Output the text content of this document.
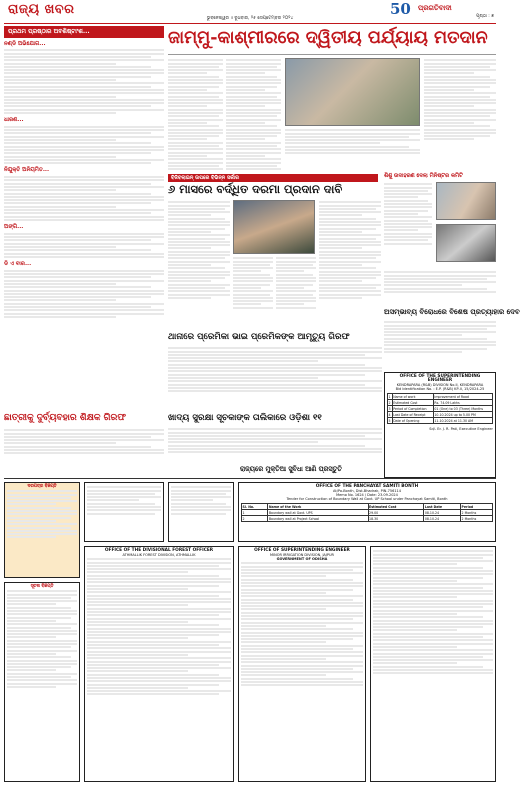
ରାଜ୍ୟ ଖବର	50 ପ୍ରଗତିବାଦୀ
ପୃଷ୍ଠା : ୭
ଭୁବନେଶ୍ୱର ॥ ବୁଧବାର, ୨୫ ସେପ୍ଟେମ୍ବର ୨୦୨୪
ପ୍ରଥମ ପ୍ରଷ୍ଠାର ଅବଶିଷ୍ଟାଂଶ...
ନଣ୍ଡି ଅଭିଯୋଗ...
ଧାରଣ...
ନିଯୁକ୍ତି ଅନିୟମିତ...
ଅଙ୍ଗି...
ଡି ଏ ବାର...
ଜାମ୍ମୁ-କାଶ୍ମୀରରେ ଦ୍ୱିତୀୟ ପର୍ଯ୍ୟାୟ ମତଦାନ
ଶିଶୁ ଉଦାହରଣ ଦେଲା ମିନିଷ୍ଟର କମିଟି
ବିଜିବଲାଇନ୍ ଉପରେ ବିଭିନ୍ନ ସର୍କାର
୬ ମାସରେ ବର୍ଦ୍ଧିତ ଦରମା ପ୍ରଦାନ ଦାବି
ଥାନାରେ ପ୍ରେମିକା ଭାଇ ପ୍ରେମିକଙ୍କ ଆମୃତ୍ୟୁ ଗିରଫ
ଅସମ୍ଭାବ୍ୟ ବିରୋଧରେ ବିଶେଷ ପ୍ରତ୍ୟାହାର ଦେବ
OFFICE OF THE SUPERINTENDING ENGINEER
KENDRAPARA (R&B) DIVISION No.II, KENDRAPARA
Bid Identification No. : E.P. (R&B) KP-II, 15/2024-25
1	Name of work	Improvement of Road
2	Estimated Cost	Rs. 74.09 Lakhs
3	Period of Completion	01 (One) to 03 (Three) Months
4	Last Date of Receipt	10.10.2024 up to 5.00 PM
5	Date of Opening	11.10.2024 at 11.30 AM
Sd/- Er. J. R. Pati, Executive Engineer
ଖାଦ୍ୟ ସୁରକ୍ଷା ସୂଚକାଙ୍କ ତାଲିକାରେ ଓଡ଼ିଶା ୧୧
ଛାତ୍ରୀକୁ ଦୁର୍ବ୍ୟବହାର ଶିକ୍ଷକ ଗିରଫ
ରାଜ୍ୟରେ ମୁକ୍ତିଆ ସୁବିଧା ଆଣି ପ୍ରସ୍ତୁତି
ଦରପତ୍ର ବିଜ୍ଞପ୍ତି
ସୂଚନା ବିଜ୍ଞପ୍ତି
OFFICE OF THE DIVISIONAL FOREST OFFICER
ATHMALLIK FOREST DIVISION, ATHMALLIK
OFFICE OF SUPERINTENDING ENGINEER
MINOR IRRIGATION DIVISION, JAJPUR
GOVERNMENT OF ODISHA
OFFICE OF THE PANCHAYAT SAMITI BONTH
At/Po-Bonth, Dist-Bhadrak, PIN-756114
Memo No. 1624 / Date: 23.09.2024
Tender for Construction of Boundary Wall at Govt. UP School under Panchayat Samiti, Bonth
Sl. No.	Name of the Work	Estimated Cost	Last Date	Period
1	Boundary wall at Govt. UPS	29.00	08.10.24	2 Months
2	Boundary wall at Project School	18.30	08.10.24	2 Months
